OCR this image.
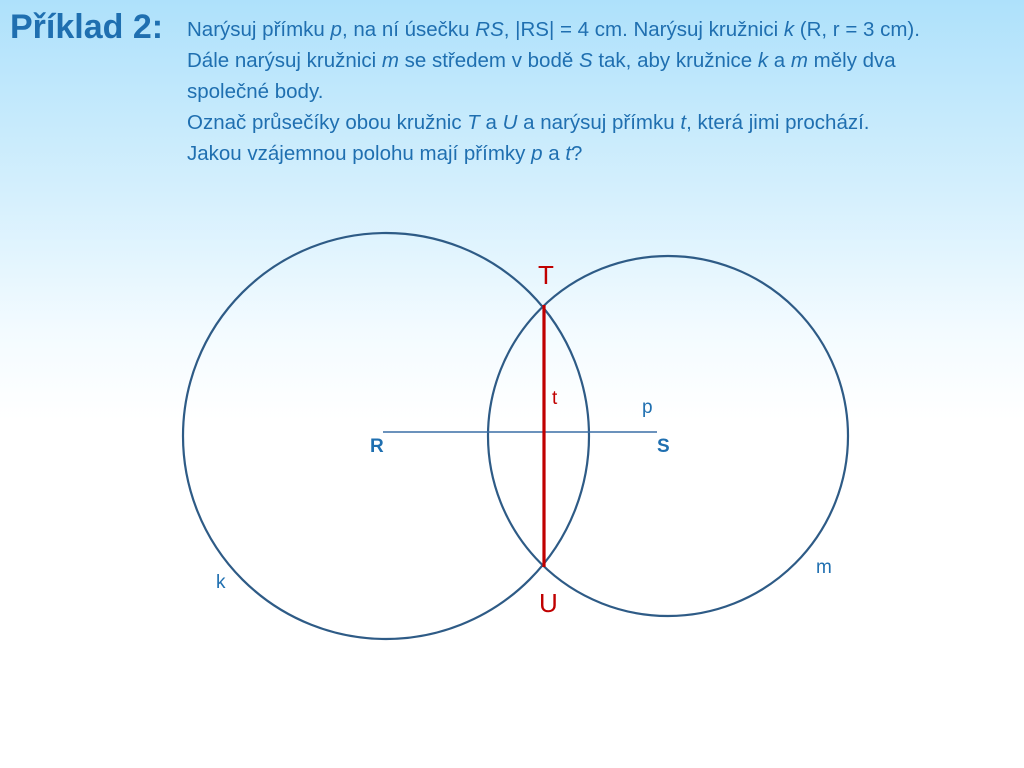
Příklad 2: Narýsuj přímku p, na ní úsečku RS, |RS| = 4 cm. Narýsuj kružnici k (R, r = 3 cm).
Dále narýsuj kružnici m se středem v bodě S tak, aby kružnice k a m měly dva
společné body.
Označ průsečíky obou kružnic T a U a narýsuj přímku t, která jimi prochází.
Jakou vzájemnou polohu mají přímky p a t?
T
U
t	p
R	S
k
m
